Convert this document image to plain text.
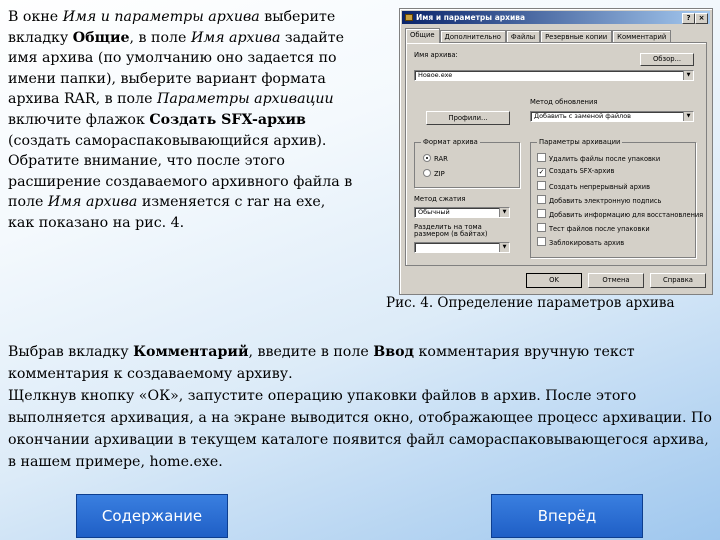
В окне Имя и параметры архива выберите вкладку Общие, в поле Имя архива задайте имя архива (по умолчанию оно задается по имени папки), выберите вариант формата архива RAR, в поле Параметры архивации включите флажок Создать SFX-архив (создать самораспаковывающийся архив). Обратите внимание, что после этого расширение создаваемого архивного файла в поле Имя архива изменяется с rar на exe, как показано на рис. 4.
Имя и параметры архива	?	×
Общие	Дополнительно	Файлы	Резервные копии	Комментарий
Имя архива:	Обзор...
Новое.exe	▼
Профили...
Метод обновления
Добавить с заменой файлов	▼
Формат архива
RAR
ZIP
Метод сжатия
Обычный	▼
Разделить на тома размером (в байтах)
▼
Параметры архивации
Удалить файлы после упаковки
✓ Создать SFX-архив
Создать непрерывный архив
Добавить электронную подпись
Добавить информацию для восстановления
Тест файлов после упаковки
Заблокировать архив
OK	Отмена	Справка
Рис. 4. Определение параметров архива

Выбрав вкладку Комментарий, введите в поле Ввод комментария вручную текст комментария к создаваемому архиву.

Щелкнув кнопку «ОК», запустите операцию упаковки файлов в архив. После этого выполняется архивация, а на экране выводится окно, отображающее процесс архивации. По окончании архивации в текущем каталоге появится файл самораспаковывающегося архива, в нашем примере, home.exe.

Содержание	Вперёд
